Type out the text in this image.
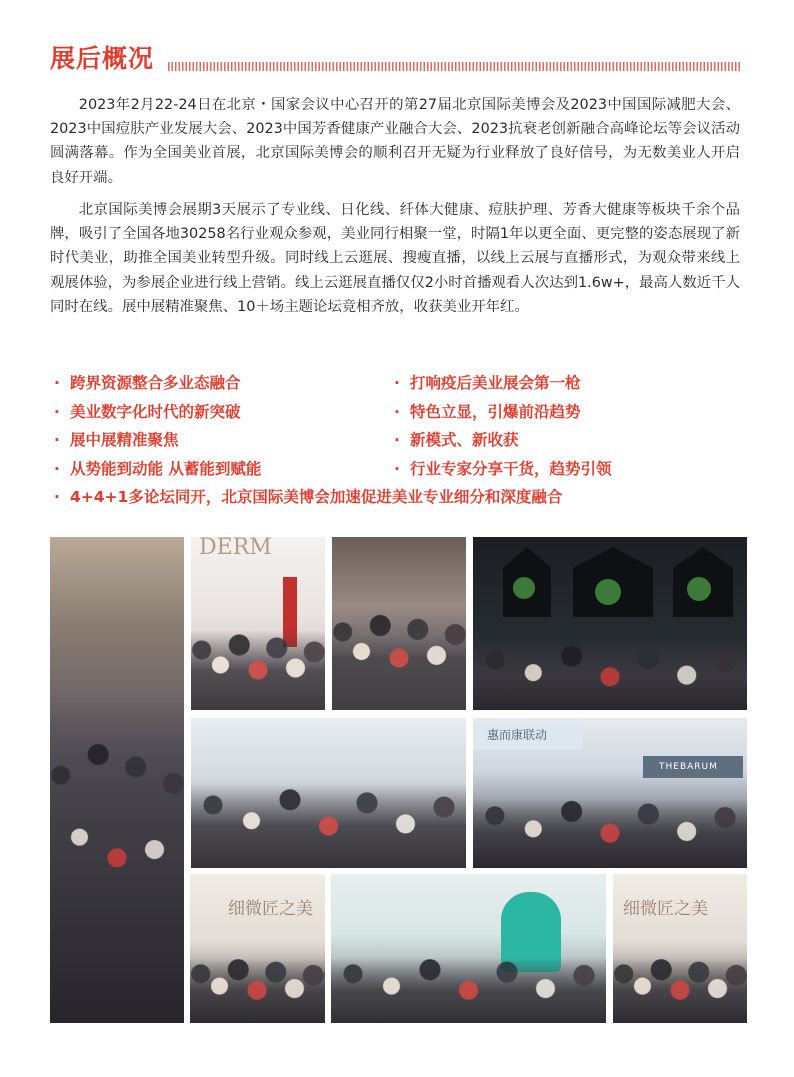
展后概况

2023年2月22-24日在北京・国家会议中心召开的第27届北京国际美博会及2023中国国际减肥大会、2023中国痘肤产业发展大会、2023中国芳香健康产业融合大会、2023抗衰老创新融合高峰论坛等会议活动圆满落幕。作为全国美业首展，北京国际美博会的顺利召开无疑为行业释放了良好信号，为无数美业人开启良好开端。

北京国际美博会展期3天展示了专业线、日化线、纤体大健康、痘肤护理、芳香大健康等板块千余个品牌，吸引了全国各地30258名行业观众参观，美业同行相聚一堂，时隔1年以更全面、更完整的姿态展现了新时代美业，助推全国美业转型升级。同时线上云逛展、搜瘦直播，以线上云展与直播形式，为观众带来线上观展体验，为参展企业进行线上营销。线上云逛展直播仅仅2小时首播观看人次达到1.6w+，最高人数近千人同时在线。展中展精准聚焦、10＋场主题论坛竞相齐放，收获美业开年红。

· 跨界资源整合多业态融合	· 打响疫后美业展会第一枪
· 美业数字化时代的新突破	· 特色立显，引爆前沿趋势
· 展中展精准聚焦	· 新模式、新收获
· 从势能到动能 从蓄能到赋能	· 行业专家分享干货，趋势引领
· 4+4+1多论坛同开，北京国际美博会加速促进美业专业细分和深度融合
DERM
惠而康联动
THEBARUM
细微匠之美	细微匠之美
